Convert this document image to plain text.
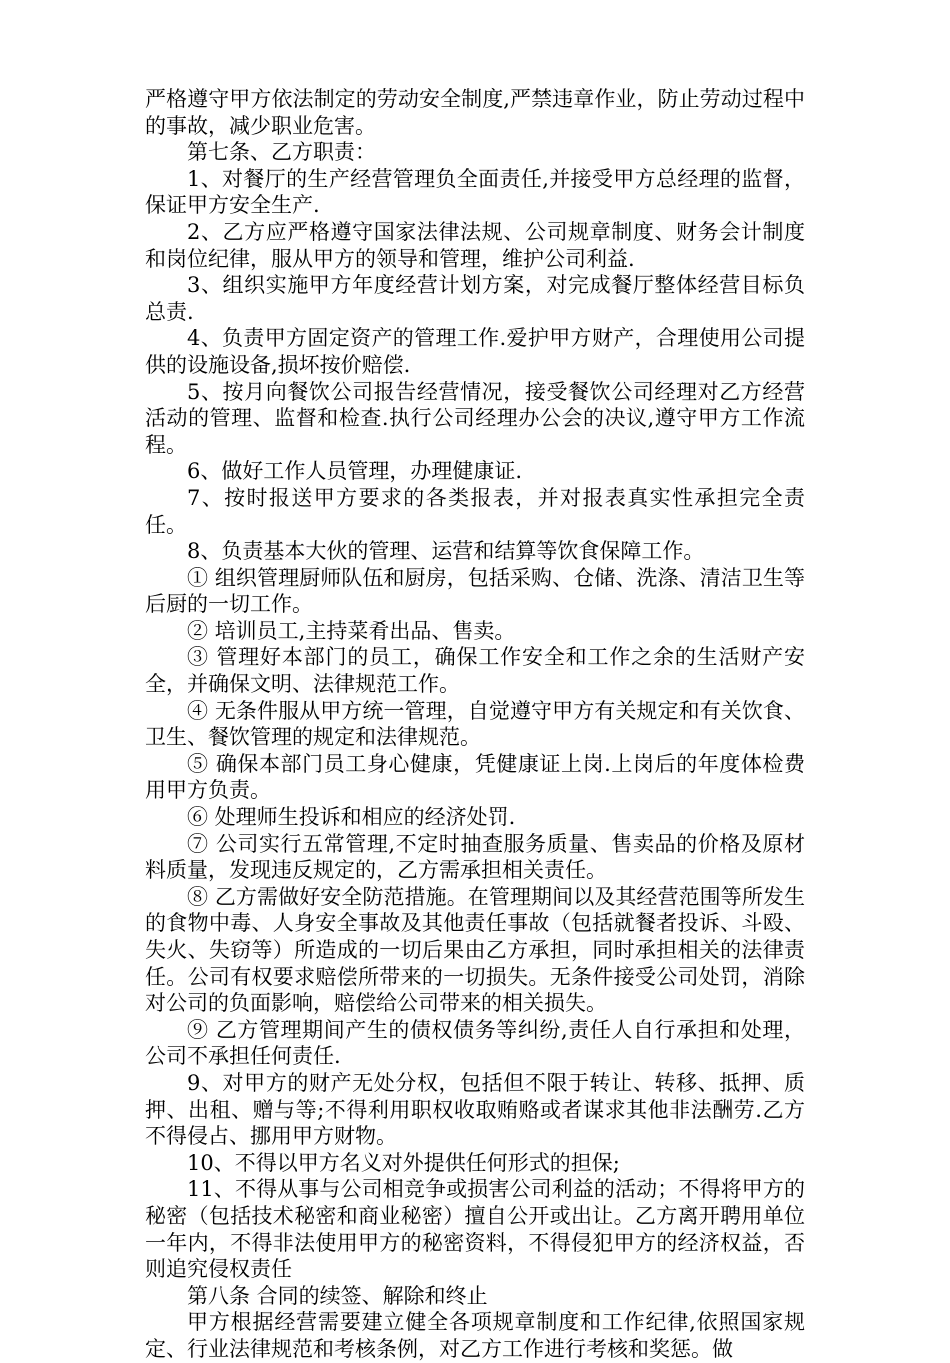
严格遵守甲方依法制定的劳动安全制度,严禁违章作业，防止劳动过程中的事故，减少职业危害。

第七条、乙方职责：

1、对餐厅的生产经营管理负全面责任,并接受甲方总经理的监督，保证甲方安全生产.

2、乙方应严格遵守国家法律法规、公司规章制度、财务会计制度和岗位纪律，服从甲方的领导和管理，维护公司利益.

3、组织实施甲方年度经营计划方案，对完成餐厅整体经营目标负总责.

4、负责甲方固定资产的管理工作.爱护甲方财产，合理使用公司提供的设施设备,损坏按价赔偿.

5、按月向餐饮公司报告经营情况，接受餐饮公司经理对乙方经营活动的管理、监督和检查.执行公司经理办公会的决议,遵守甲方工作流程。

6、做好工作人员管理，办理健康证.

7、按时报送甲方要求的各类报表，并对报表真实性承担完全责任。

8、负责基本大伙的管理、运营和结算等饮食保障工作。

① 组织管理厨师队伍和厨房，包括采购、仓储、洗涤、清洁卫生等后厨的一切工作。

② 培训员工,主持菜肴出品、售卖。

③ 管理好本部门的员工，确保工作安全和工作之余的生活财产安全，并确保文明、法律规范工作。

④ 无条件服从甲方统一管理，自觉遵守甲方有关规定和有关饮食、卫生、餐饮管理的规定和法律规范。

⑤ 确保本部门员工身心健康，凭健康证上岗.上岗后的年度体检费用甲方负责。

⑥ 处理师生投诉和相应的经济处罚.

⑦ 公司实行五常管理,不定时抽查服务质量、售卖品的价格及原材料质量，发现违反规定的，乙方需承担相关责任。

⑧ 乙方需做好安全防范措施。在管理期间以及其经营范围等所发生的食物中毒、人身安全事故及其他责任事故（包括就餐者投诉、斗殴、失火、失窃等）所造成的一切后果由乙方承担，同时承担相关的法律责任。公司有权要求赔偿所带来的一切损失。无条件接受公司处罚，消除对公司的负面影响，赔偿给公司带来的相关损失。

⑨ 乙方管理期间产生的债权债务等纠纷,责任人自行承担和处理，公司不承担任何责任.

9、对甲方的财产无处分权，包括但不限于转让、转移、抵押、质押、出租、赠与等;不得利用职权收取贿赂或者谋求其他非法酬劳.乙方不得侵占、挪用甲方财物。

10、不得以甲方名义对外提供任何形式的担保;

11、不得从事与公司相竞争或损害公司利益的活动；不得将甲方的秘密（包括技术秘密和商业秘密）擅自公开或出让。乙方离开聘用单位一年内，不得非法使用甲方的秘密资料，不得侵犯甲方的经济权益，否则追究侵权责任

第八条 合同的续签、解除和终止

甲方根据经营需要建立健全各项规章制度和工作纪律,依照国家规定、行业法律规范和考核条例，对乙方工作进行考核和奖惩。做
